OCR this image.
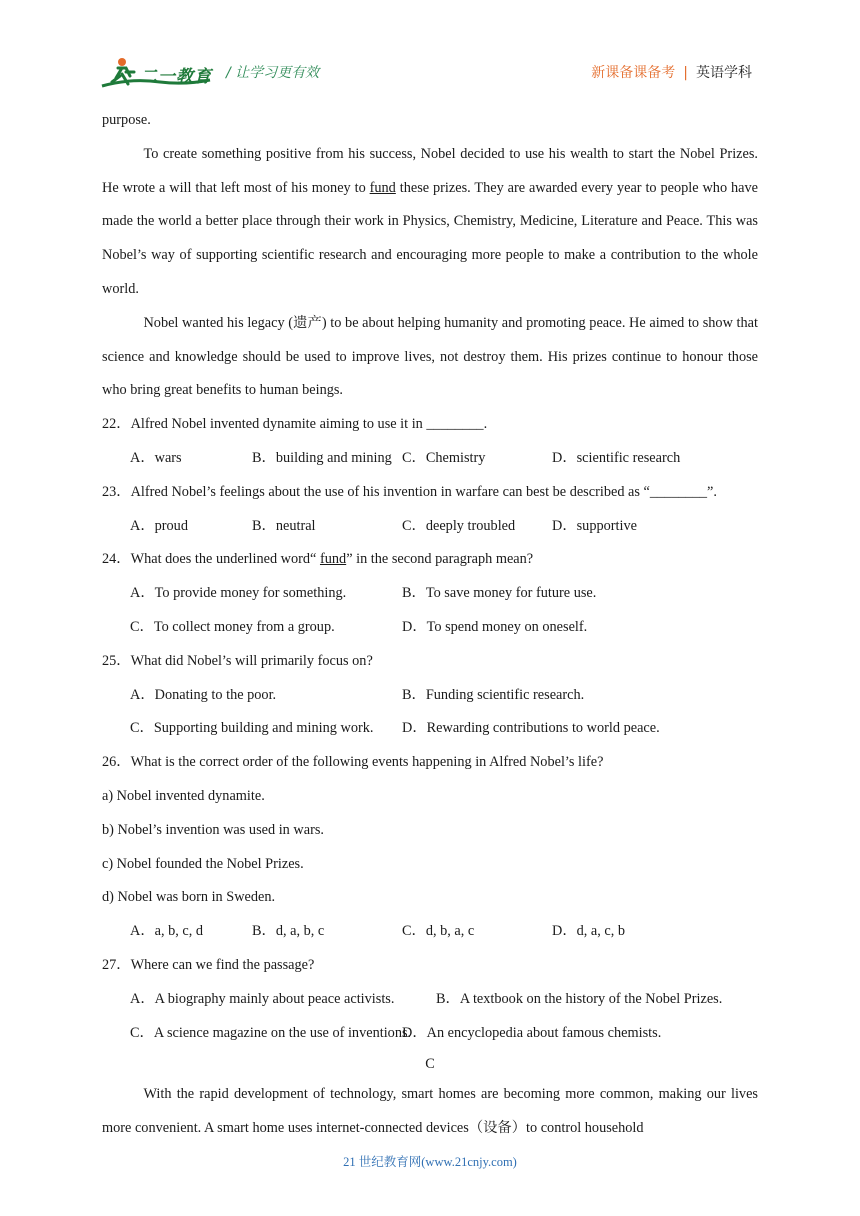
二一教育 / 让学习更有效	新课备课备考 | 英语学科

purpose.

To create something positive from his success, Nobel decided to use his wealth to start the Nobel Prizes. He wrote a will that left most of his money to fund these prizes. They are awarded every year to people who have made the world a better place through their work in Physics, Chemistry, Medicine, Literature and Peace. This was Nobel’s way of supporting scientific research and encouraging more people to make a contribution to the whole world.

Nobel wanted his legacy (遗产) to be about helping humanity and promoting peace. He aimed to show that science and knowledge should be used to improve lives, not destroy them. His prizes continue to honour those who bring great benefits to human beings.

22．Alfred Nobel invented dynamite aiming to use it in ________.

A．wars	B．building and mining C．Chemistry	D．scientific research

23．Alfred Nobel’s feelings about the use of his invention in warfare can best be described as “________”.

A．proud	B．neutral	C．deeply troubled	D．supportive

24．What does the underlined word“ fund” in the second paragraph mean?

A．To provide money for something.	B．To save money for future use.
C．To collect money from a group.	D．To spend money on oneself.

25．What did Nobel’s will primarily focus on?

A．Donating to the poor.	B．Funding scientific research.
C．Supporting building and mining work.	D．Rewarding contributions to world peace.

26．What is the correct order of the following events happening in Alfred Nobel’s life?

a) Nobel invented dynamite.

b) Nobel’s invention was used in wars.

c) Nobel founded the Nobel Prizes.

d) Nobel was born in Sweden.

A．a, b, c, d	B．d, a, b, c	C．d, b, a, c	D．d, a, c, b

27．Where can we find the passage?

A．A biography mainly about peace activists.	B．A textbook on the history of the Nobel Prizes.
C．A science magazine on the use of inventions.
D．An encyclopedia about famous chemists.

C

With the rapid development of technology, smart homes are becoming more common, making our lives more convenient. A smart home uses internet-connected devices（设备）to control household

21 世纪教育网(www.21cnjy.com)
